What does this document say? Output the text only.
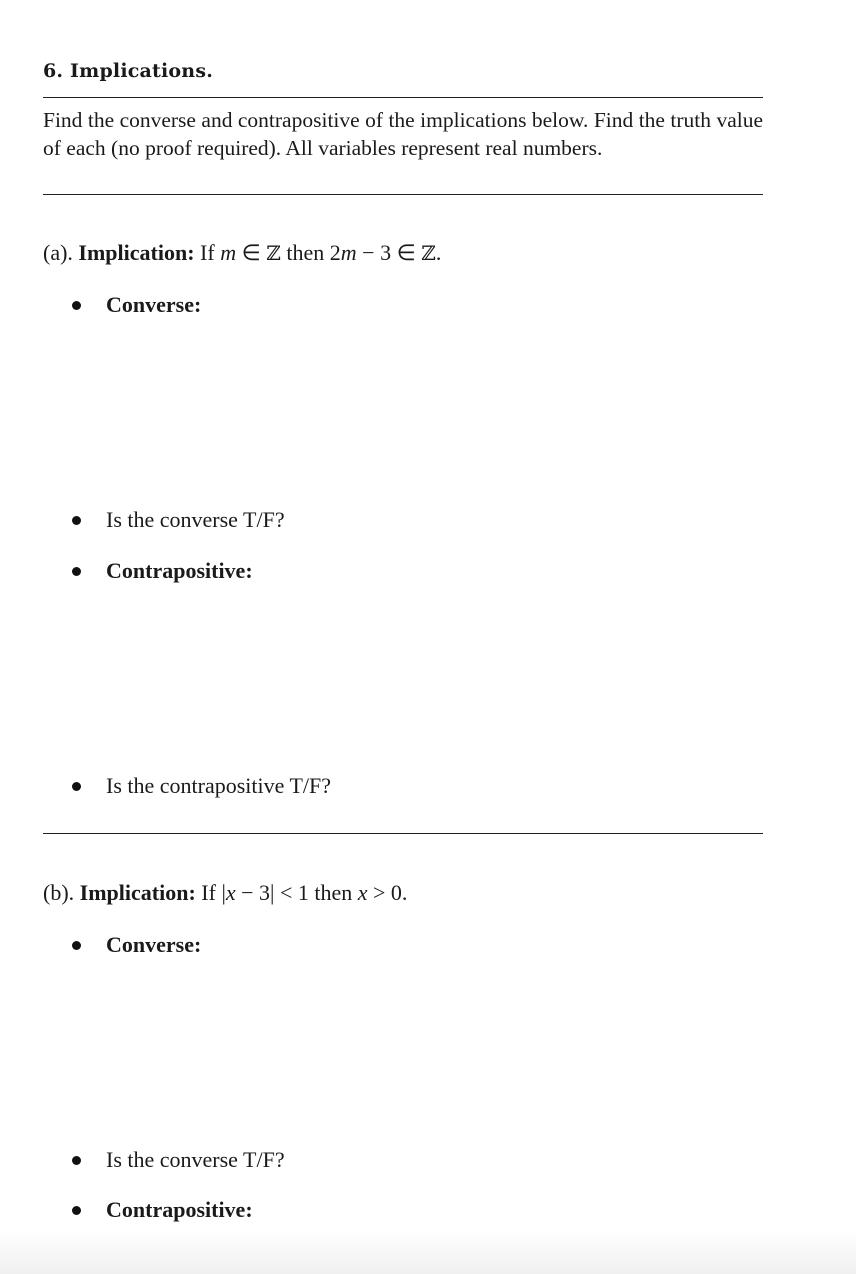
6. Implications.
Find the converse and contrapositive of the implications below. Find the truth value of each (no proof required). All variables represent real numbers.
(a). Implication: If m ∈ ℤ then 2m − 3 ∈ ℤ.
Converse:
Is the converse T/F?
Contrapositive:
Is the contrapositive T/F?
(b). Implication: If |x − 3| < 1 then x > 0.
Converse:
Is the converse T/F?
Contrapositive:
